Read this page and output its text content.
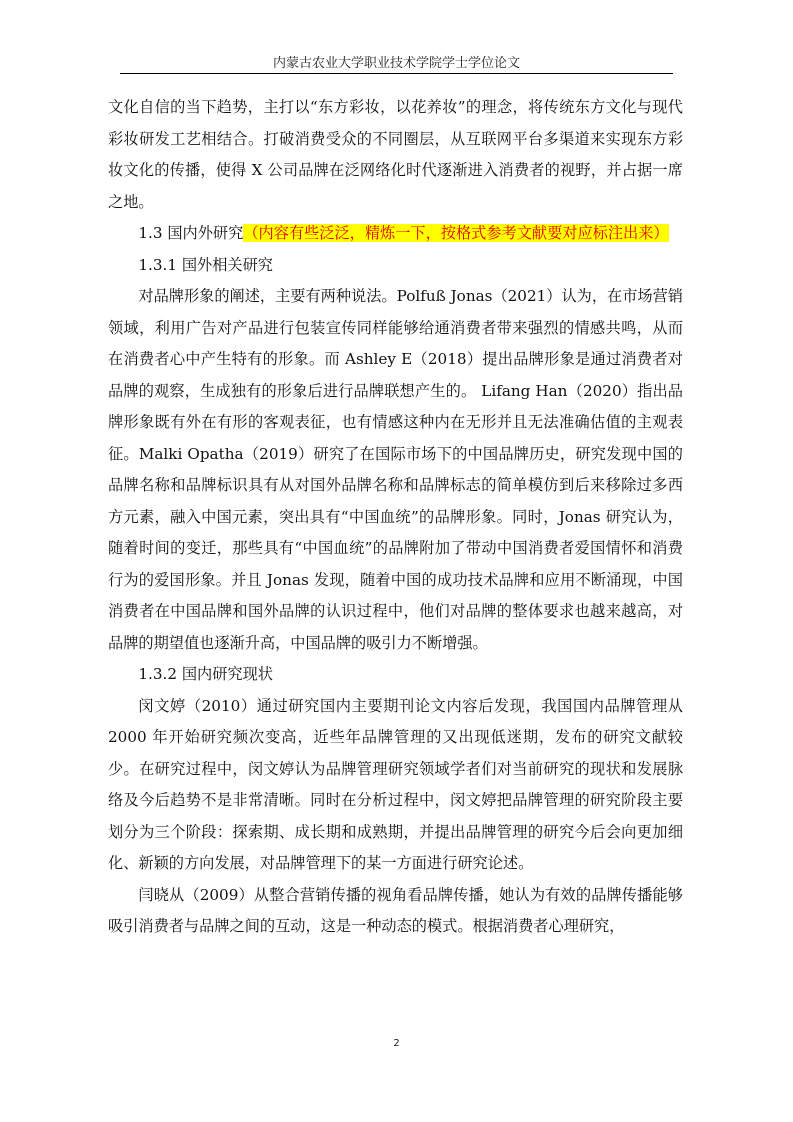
内蒙古农业大学职业技术学院学士学位论文

文化自信的当下趋势，主打以“东方彩妆，以花养妆”的理念，将传统东方文化与现代彩妆研发工艺相结合。打破消费受众的不同圈层，从互联网平台多渠道来实现东方彩妆文化的传播，使得 X 公司品牌在泛网络化时代逐渐进入消费者的视野，并占据一席之地。

1.3 国内外研究（内容有些泛泛，精炼一下，按格式参考文献要对应标注出来）

1.3.1 国外相关研究

对品牌形象的阐述，主要有两种说法。Polfuß Jonas（2021）认为，在市场营销领域，利用广告对产品进行包装宣传同样能够给通消费者带来强烈的情感共鸣，从而在消费者心中产生特有的形象。而 Ashley E（2018）提出品牌形象是通过消费者对品牌的观察，生成独有的形象后进行品牌联想产生的。 Lifang Han（2020）指出品牌形象既有外在有形的客观表征，也有情感这种内在无形并且无法准确估值的主观表征。Malki Opatha（2019）研究了在国际市场下的中国品牌历史，研究发现中国的品牌名称和品牌标识具有从对国外品牌名称和品牌标志的简单模仿到后来移除过多西方元素，融入中国元素，突出具有“中国血统”的品牌形象。同时，Jonas 研究认为，随着时间的变迁，那些具有“中国血统”的品牌附加了带动中国消费者爱国情怀和消费行为的爱国形象。并且 Jonas 发现，随着中国的成功技术品牌和应用不断涌现，中国消费者在中国品牌和国外品牌的认识过程中，他们对品牌的整体要求也越来越高，对品牌的期望值也逐渐升高，中国品牌的吸引力不断增强。

1.3.2 国内研究现状

闵文婷（2010）通过研究国内主要期刊论文内容后发现，我国国内品牌管理从 2000 年开始研究频次变高，近些年品牌管理的又出现低迷期，发布的研究文献较少。在研究过程中，闵文婷认为品牌管理研究领域学者们对当前研究的现状和发展脉络及今后趋势不是非常清晰。同时在分析过程中，闵文婷把品牌管理的研究阶段主要划分为三个阶段：探索期、成长期和成熟期，并提出品牌管理的研究今后会向更加细化、新颖的方向发展，对品牌管理下的某一方面进行研究论述。

闫晓从（2009）从整合营销传播的视角看品牌传播，她认为有效的品牌传播能够吸引消费者与品牌之间的互动，这是一种动态的模式。根据消费者心理研究，

2
